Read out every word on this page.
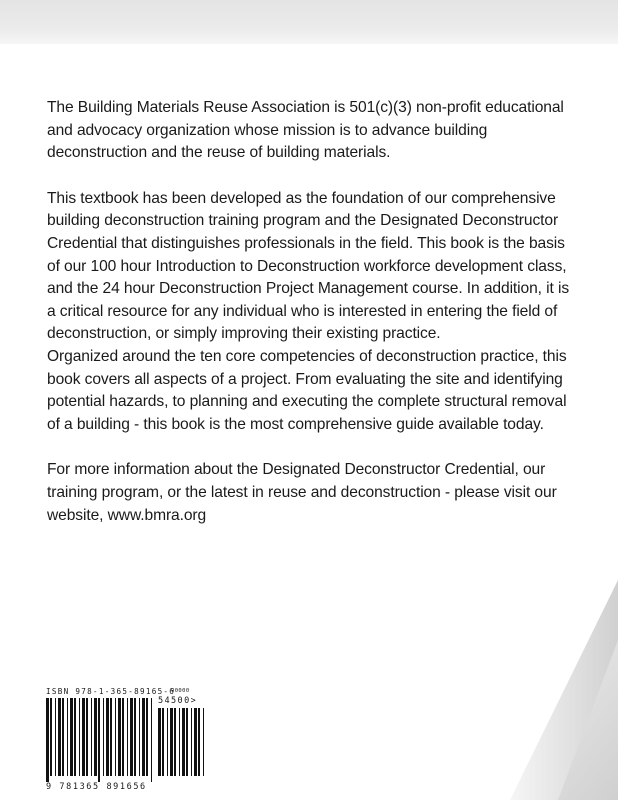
The Building Materials Reuse Association is 501(c)(3) non-profit educational and advocacy organization whose mission is to advance building deconstruction and the reuse of building materials.

This textbook has been developed as the foundation of our comprehensive building deconstruction training program and the Designated Deconstructor Credential that distinguishes professionals in the field. This book is the basis of our 100 hour Introduction to Deconstruction workforce development class, and the 24 hour Deconstruction Project Management course. In addition, it is a critical resource for any individual who is interested in entering the field of deconstruction, or simply improving their existing practice.

Organized around the ten core competencies of deconstruction practice, this book covers all aspects of a project. From evaluating the site and identifying potential hazards, to planning and executing the complete structural removal of a building - this book is the most comprehensive guide available today.

For more information about the Designated Deconstructor Credential, our training program, or the latest in reuse and deconstruction - please visit our website, www.bmra.org

ISBN 978-1-365-89165-6
90000
54500>
9 781365 891656
